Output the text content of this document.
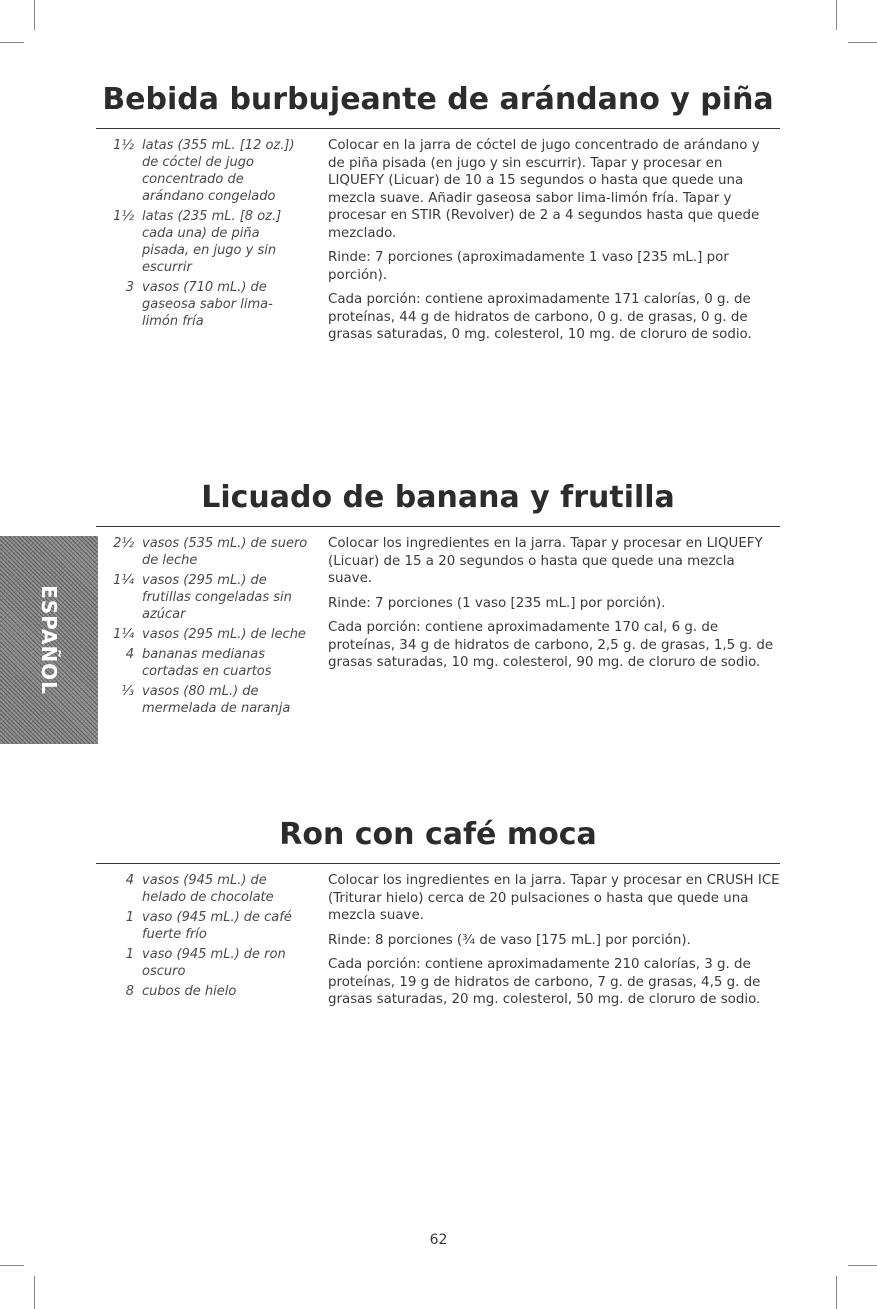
ESPAÑOL
Bebida burbujeante de arándano y piña
1½ latas (355 mL. [12 oz.]) de cóctel de jugo concentrado de arándano congelado
1½ latas (235 mL. [8 oz.] cada una) de piña pisada, en jugo y sin escurrir
3 vasos (710 mL.) de gaseosa sabor lima-limón fría

Colocar en la jarra de cóctel de jugo concentrado de arándano y de piña pisada (en jugo y sin escurrir). Tapar y procesar en LIQUEFY (Licuar) de 10 a 15 segundos o hasta que quede una mezcla suave. Añadir gaseosa sabor lima-limón fría. Tapar y procesar en STIR (Revolver) de 2 a 4 segundos hasta que quede mezclado.

Rinde: 7 porciones (aproximadamente 1 vaso [235 mL.] por porción).

Cada porción: contiene aproximadamente 171 calorías, 0 g. de proteínas, 44 g de hidratos de carbono, 0 g. de grasas, 0 g. de grasas saturadas, 0 mg. colesterol, 10 mg. de cloruro de sodio.

Licuado de banana y frutilla
2½ vasos (535 mL.) de suero de leche
1¼ vasos (295 mL.) de frutillas congeladas sin azúcar
1¼ vasos (295 mL.) de leche
4 bananas medianas cortadas en cuartos
⅓ vasos (80 mL.) de mermelada de naranja

Colocar los ingredientes en la jarra. Tapar y procesar en LIQUEFY (Licuar) de 15 a 20 segundos o hasta que quede una mezcla suave.

Rinde: 7 porciones (1 vaso [235 mL.] por porción).

Cada porción: contiene aproximadamente 170 cal, 6 g. de proteínas, 34 g de hidratos de carbono, 2,5 g. de grasas, 1,5 g. de grasas saturadas, 10 mg. colesterol, 90 mg. de cloruro de sodio.

Ron con café moca
4 vasos (945 mL.) de helado de chocolate
1 vaso (945 mL.) de café fuerte frío
1 vaso (945 mL.) de ron oscuro
8 cubos de hielo

Colocar los ingredientes en la jarra. Tapar y procesar en CRUSH ICE (Triturar hielo) cerca de 20 pulsaciones o hasta que quede una mezcla suave.

Rinde: 8 porciones (¾ de vaso [175 mL.] por porción).

Cada porción: contiene aproximadamente 210 calorías, 3 g. de proteínas, 19 g de hidratos de carbono, 7 g. de grasas, 4,5 g. de grasas saturadas, 20 mg. colesterol, 50 mg. de cloruro de sodio.

62
